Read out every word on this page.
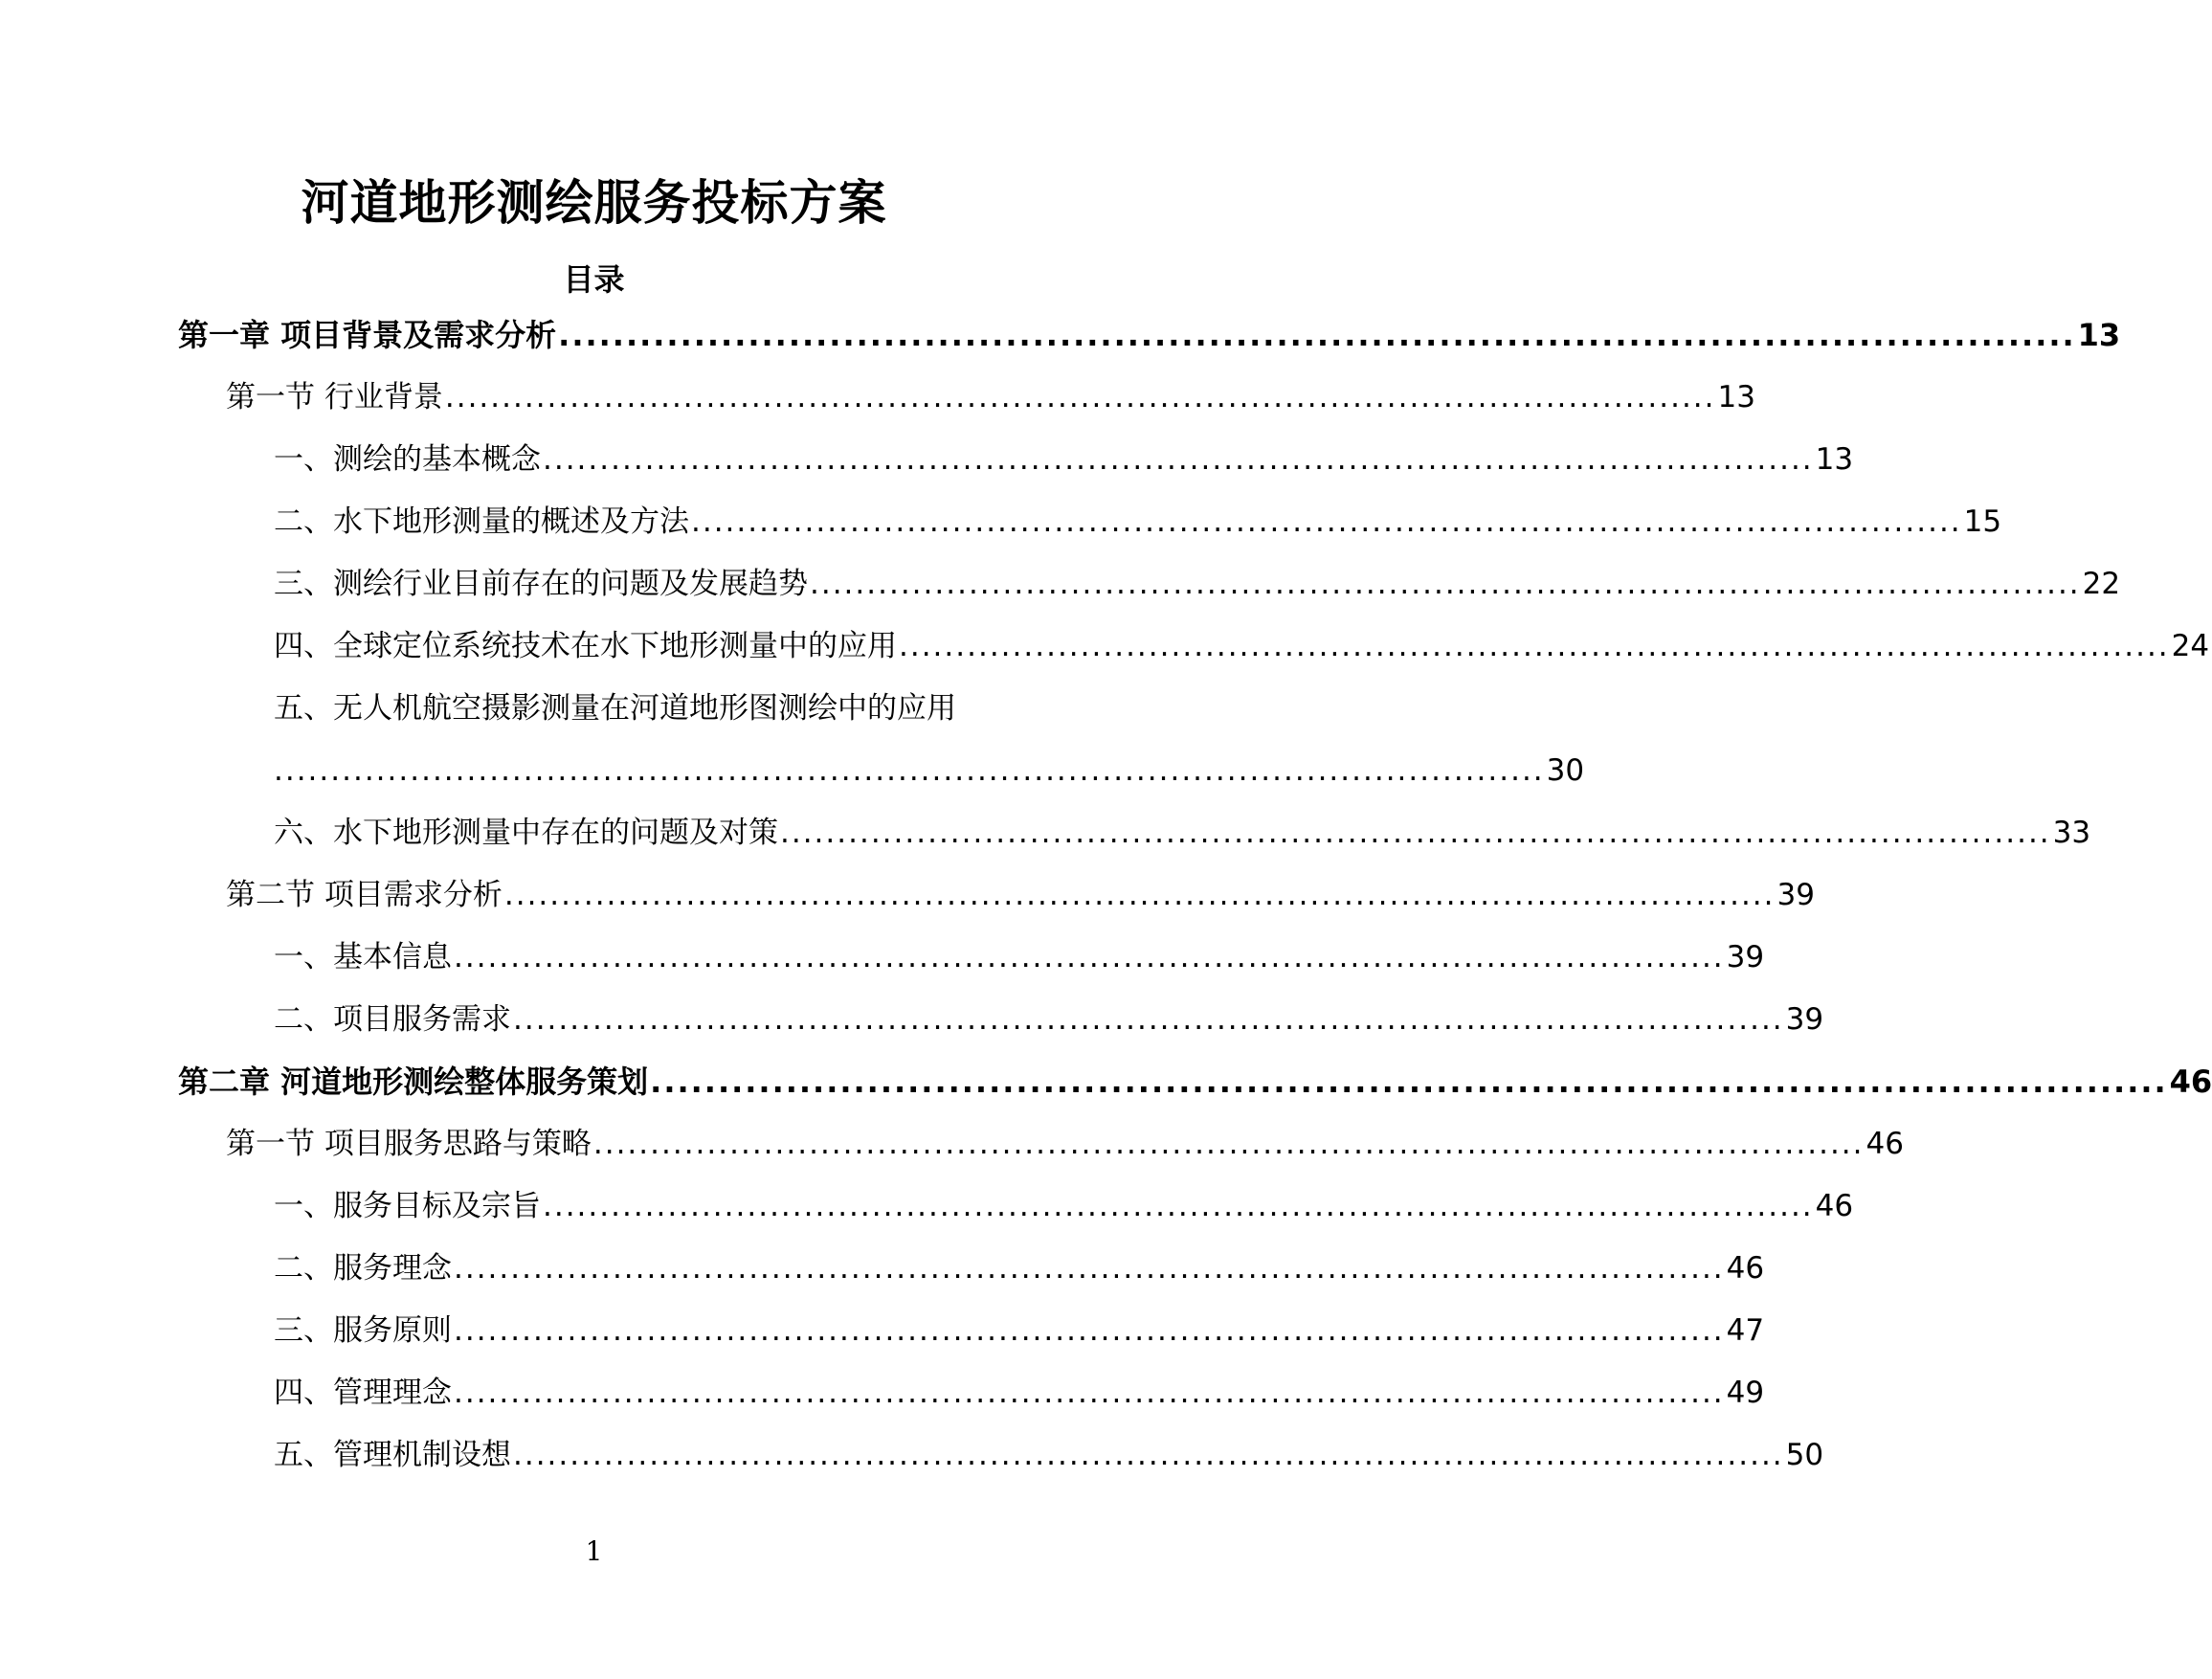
河道地形测绘服务投标方案
目录
第一章 项目背景及需求分析 ................................................................................................................ 13
第一节 行业背景 ................................................................................................................ 13
一、测绘的基本概念 ................................................................................................................ 13
二、水下地形测量的概述及方法 ................................................................................................................ 15
三、测绘行业目前存在的问题及发展趋势 ................................................................................................................ 22
四、全球定位系统技术在水下地形测量中的应用 ................................................................................................................ 24
五、无人机航空摄影测量在河道地形图测绘中的应用
................................................................................................................ 30
六、水下地形测量中存在的问题及对策 ................................................................................................................ 33
第二节 项目需求分析 ................................................................................................................ 39
一、基本信息 ................................................................................................................ 39
二、项目服务需求 ................................................................................................................ 39
第二章 河道地形测绘整体服务策划 ................................................................................................................ 46
第一节 项目服务思路与策略 ................................................................................................................ 46
一、服务目标及宗旨 ................................................................................................................ 46
二、服务理念 ................................................................................................................ 46
三、服务原则 ................................................................................................................ 47
四、管理理念 ................................................................................................................ 49
五、管理机制设想 ................................................................................................................ 50
1
